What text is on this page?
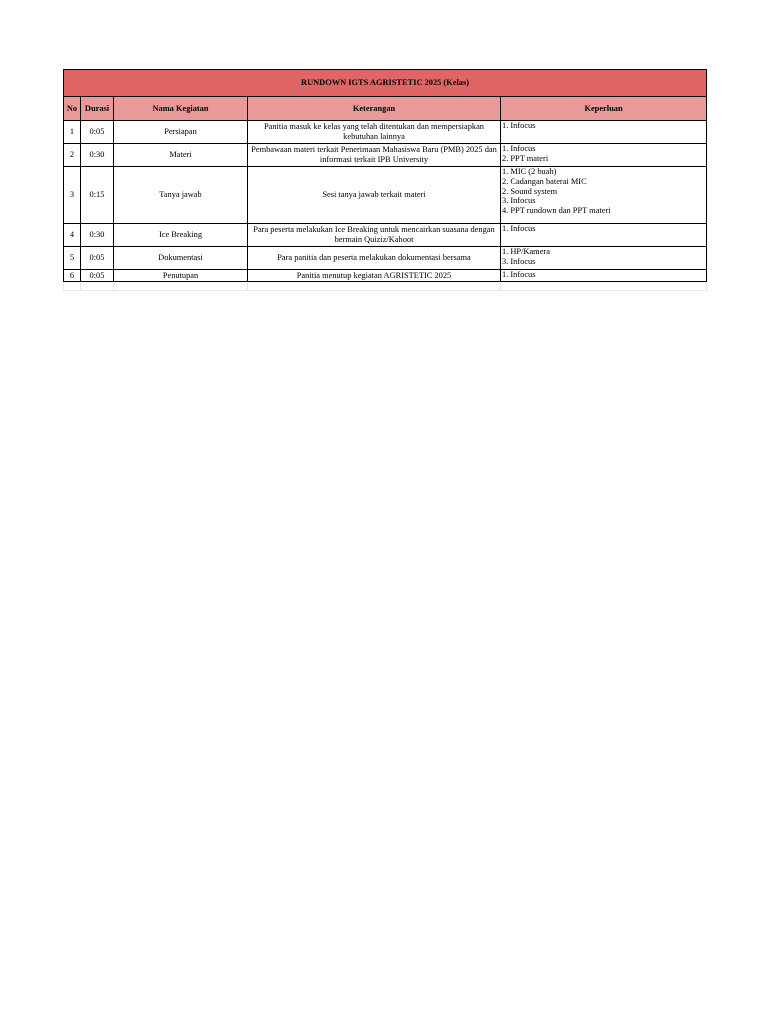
RUNDOWN IGTS AGRISTETIC 2025 (Kelas)				
No	Durasi	Nama Kegiatan	Keterangan	Keperluan
1	0:05	Persiapan	Panitia masuk ke kelas yang telah ditentukan dan mempersiapkan kebutuhan lainnya	1. Infocus

2	0:30	Materi	Pembawaan materi terkait Penerimaan Mahasiswa Baru (PMB) 2025 dan informasi terkait IPB University	1. Infocus
2. PPT materi

3	0:15	Tanya jawab	Sesi tanya jawab terkait materi	1. MIC (2 buah)
2. Cadangan baterai MIC
2. Sound system
3. Infocus
4. PPT rundown dan PPT materi

4	0:30	Ice Breaking	Para peserta melakukan Ice Breaking untuk mencairkan suasana dengan bermain Quiziz/Kahoot	1. Infocus

5	0:05	Dokumentasi	Para panitia dan peserta melakukan dokumentasi bersama	1. HP/Kamera
3. Infocus

6	0:05	Penutupan	Panitia menutup kegiatan AGRISTETIC 2025	1. Infocus
